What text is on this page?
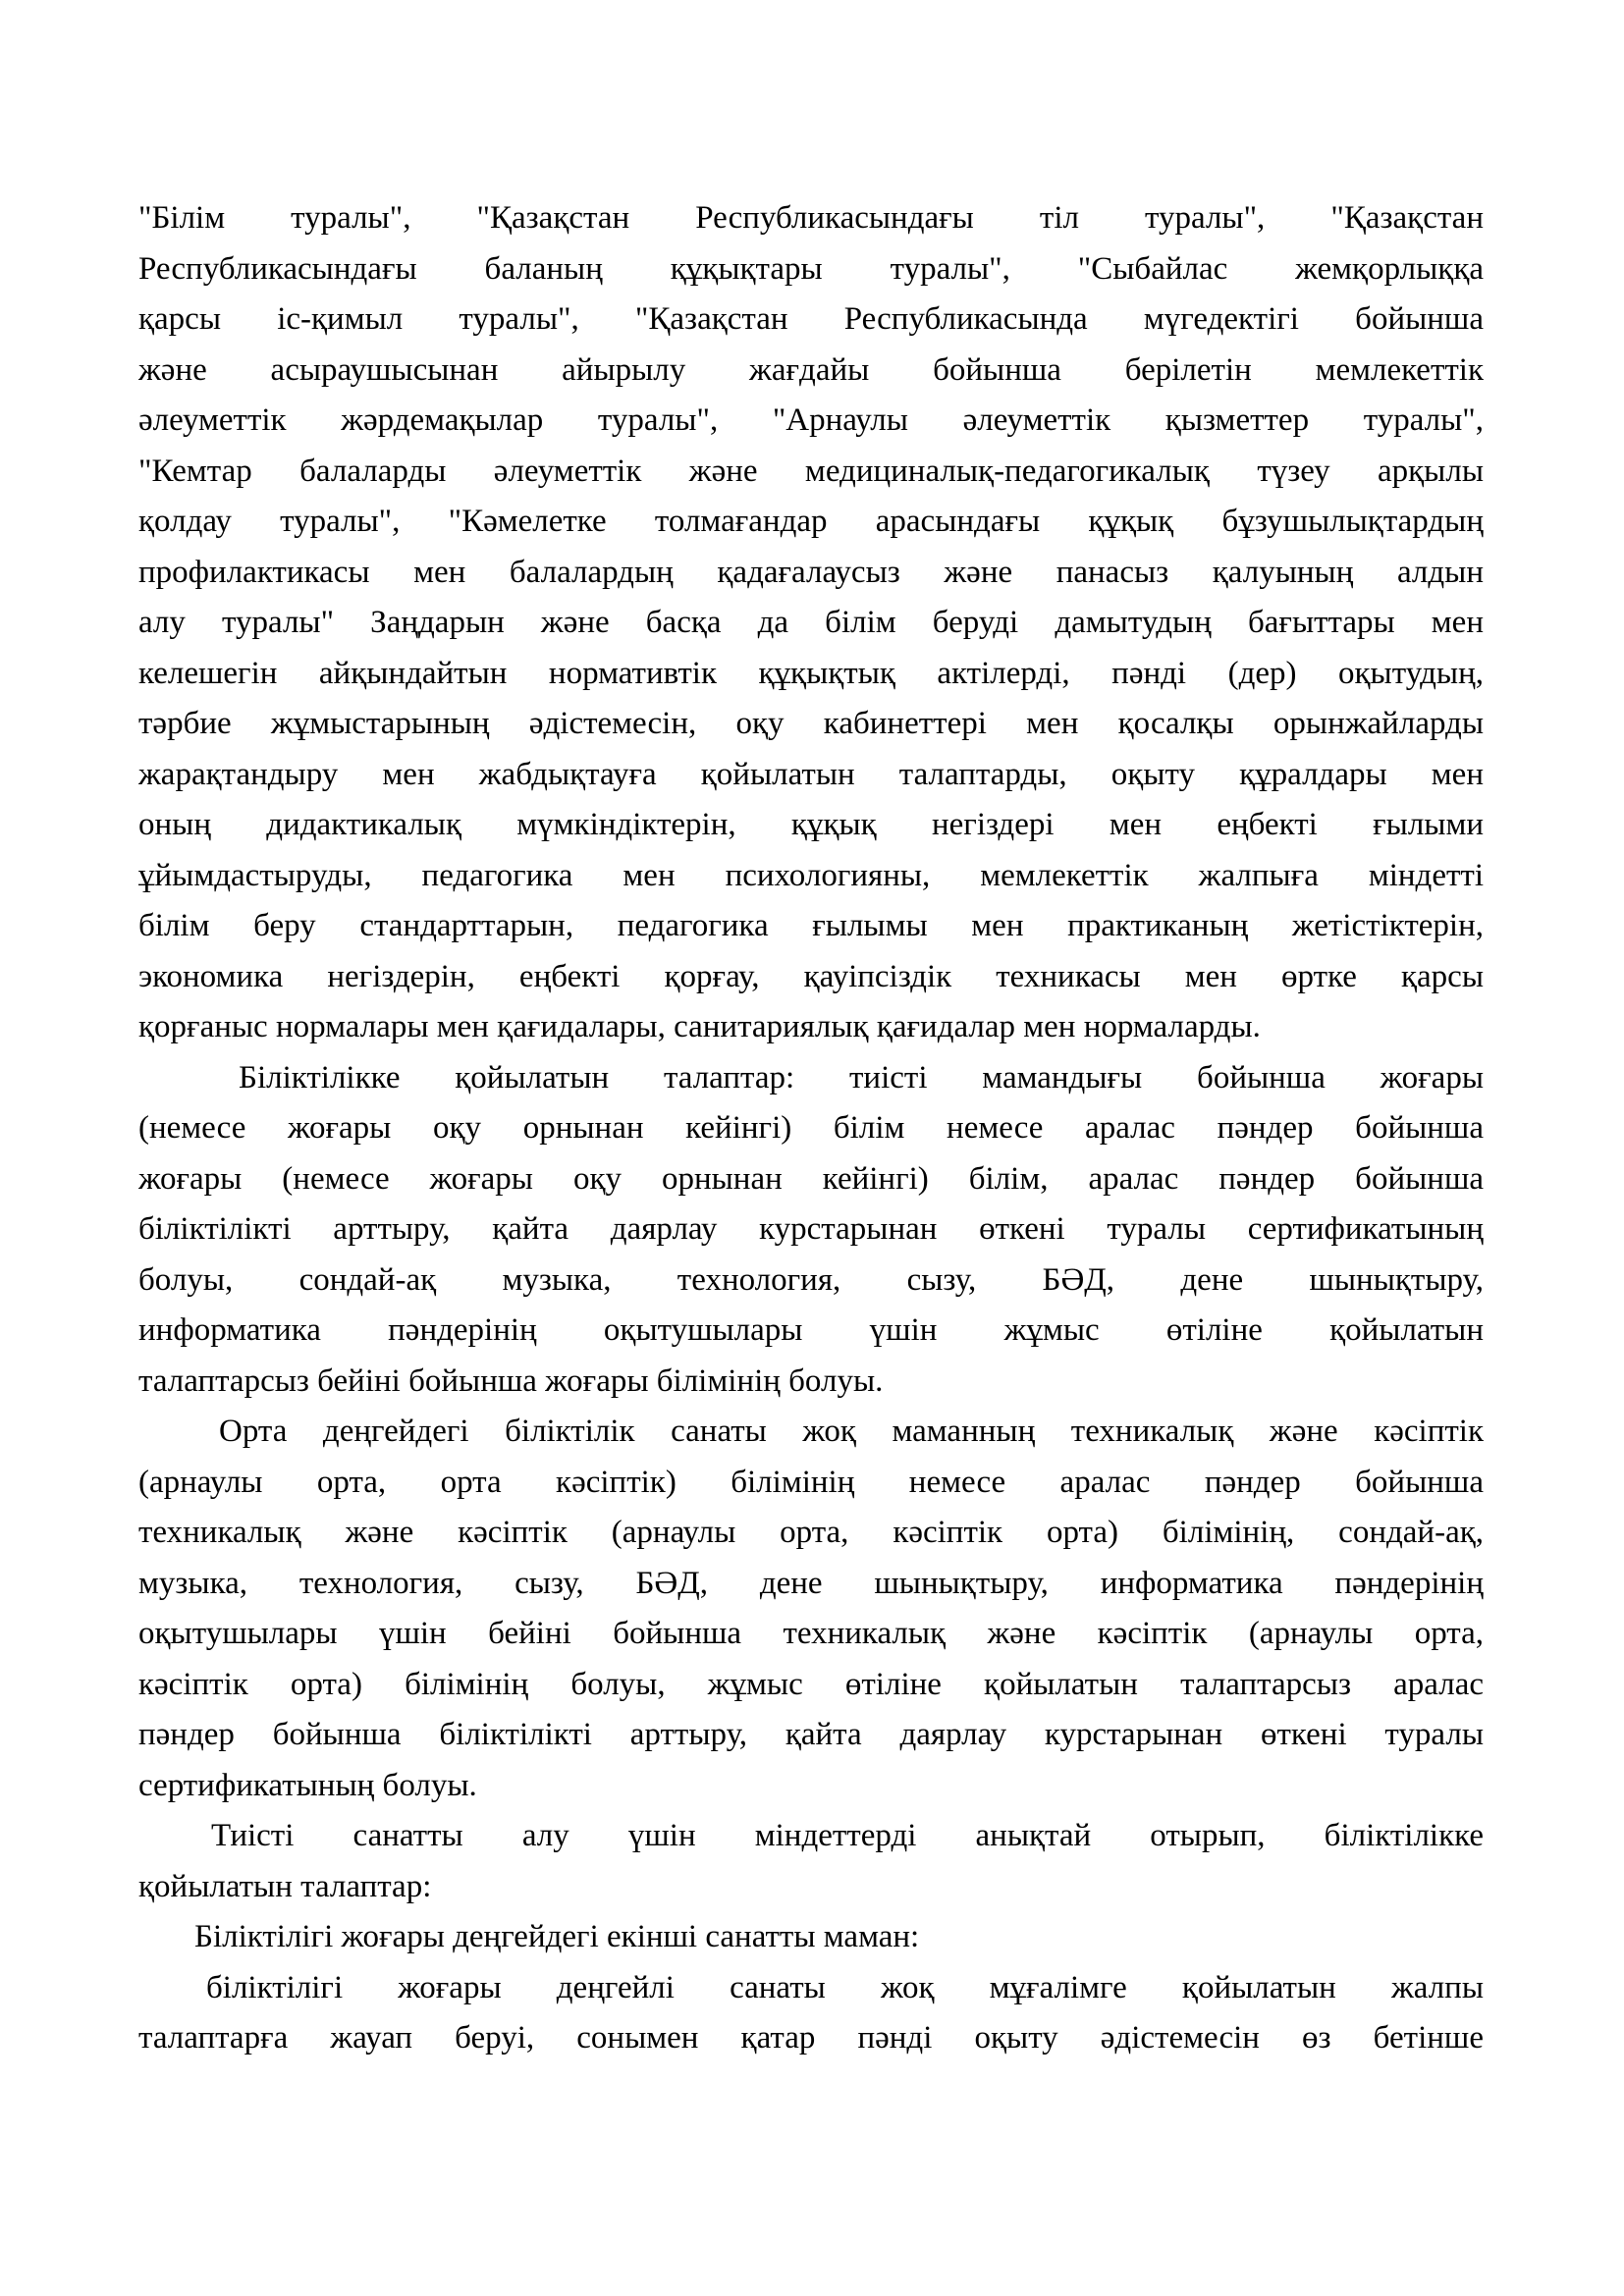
"Білім туралы", "Қазақстан Республикасындағы тіл туралы", "Қазақстан
Республикасындағы баланың құқықтары туралы", "Сыбайлас жемқорлыққа
қарсы іс-қимыл туралы", "Қазақстан Республикасында мүгедектігі бойынша
және асыраушысынан айырылу жағдайы бойынша берілетін мемлекеттік
әлеуметтік жәрдемақылар туралы", "Арнаулы әлеуметтік қызметтер туралы",
"Кемтар балаларды әлеуметтік және медициналық-педагогикалық түзеу арқылы
қолдау туралы", "Кәмелетке толмағандар арасындағы құқық бұзушылықтардың
профилактикасы мен балалардың қадағалаусыз және панасыз қалуының алдын
алу туралы" Заңдарын және басқа да білім беруді дамытудың бағыттары мен
келешегін айқындайтын нормативтік құқықтық актілерді, пәнді (дер) оқытудың,
тәрбие жұмыстарының әдістемесін, оқу кабинеттері мен қосалқы орынжайларды
жарақтандыру мен жабдықтауға қойылатын талаптарды, оқыту құралдары мен
оның дидактикалық мүмкіндіктерін, құқық негіздері мен еңбекті ғылыми
ұйымдастыруды, педагогика мен психологияны, мемлекеттік жалпыға міндетті
білім беру стандарттарын, педагогика ғылымы мен практиканың жетістіктерін,
экономика негіздерін, еңбекті қорғау, қауіпсіздік техникасы мен өртке қарсы
қорғаныс нормалары мен қағидалары, санитариялық қағидалар мен нормаларды.
Біліктілікке қойылатын талаптар: тиісті мамандығы бойынша жоғары
(немесе жоғары оқу орнынан кейінгі) білім немесе аралас пәндер бойынша
жоғары (немесе жоғары оқу орнынан кейінгі) білім, аралас пәндер бойынша
біліктілікті арттыру, қайта даярлау курстарынан өткені туралы сертификатының
болуы, сондай-ақ музыка, технология, сызу, БӘД, дене шынықтыру,
информатика пәндерінің оқытушылары үшін жұмыс өтіліне қойылатын
талаптарсыз бейіні бойынша жоғары білімінің болуы.
Орта деңгейдегі біліктілік санаты жоқ маманның техникалық және кәсіптік
(арнаулы орта, орта кәсіптік) білімінің немесе аралас пәндер бойынша
техникалық және кәсіптік (арнаулы орта, кәсіптік орта) білімінің, сондай-ақ,
музыка, технология, сызу, БӘД, дене шынықтыру, информатика пәндерінің
оқытушылары үшін бейіні бойынша техникалық және кәсіптік (арнаулы орта,
кәсіптік орта) білімінің болуы, жұмыс өтіліне қойылатын талаптарсыз аралас
пәндер бойынша біліктілікті арттыру, қайта даярлау курстарынан өткені туралы
сертификатының болуы.
Тиісті санатты алу үшін міндеттерді анықтай отырып, біліктілікке
қойылатын талаптар:
Біліктілігі жоғары деңгейдегі екінші санатты маман:
біліктілігі жоғары деңгейлі санаты жоқ мұғалімге қойылатын жалпы
талаптарға жауап беруі, сонымен қатар пәнді оқыту әдістемесін өз бетінше
